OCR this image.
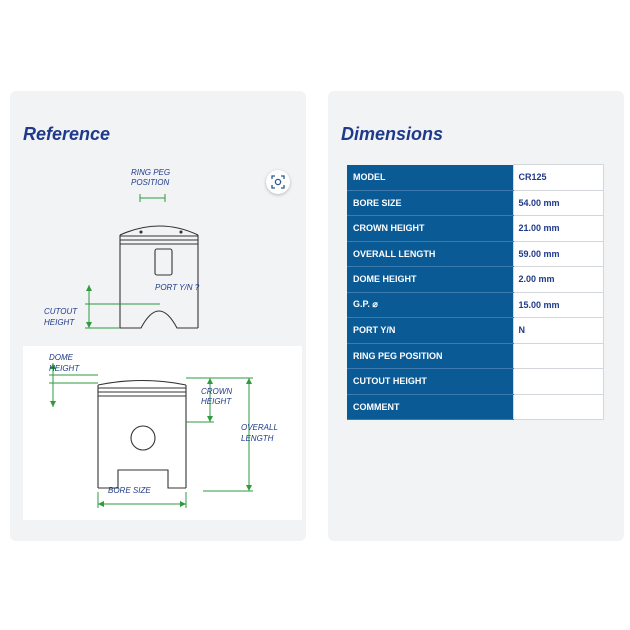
Reference
RING PEG
POSITION
PORT Y/N ?
CUTOUT
HEIGHT
DOME
HEIGHT
CROWN
HEIGHT
OVERALL
LENGTH
BORE SIZE
Dimensions
MODEL	CR125
BORE SIZE	54.00 mm
CROWN HEIGHT	21.00 mm
OVERALL LENGTH	59.00 mm
DOME HEIGHT	2.00 mm
G.P. ⌀	15.00 mm
PORT Y/N	N
RING PEG POSITION	
CUTOUT HEIGHT	
COMMENT	
